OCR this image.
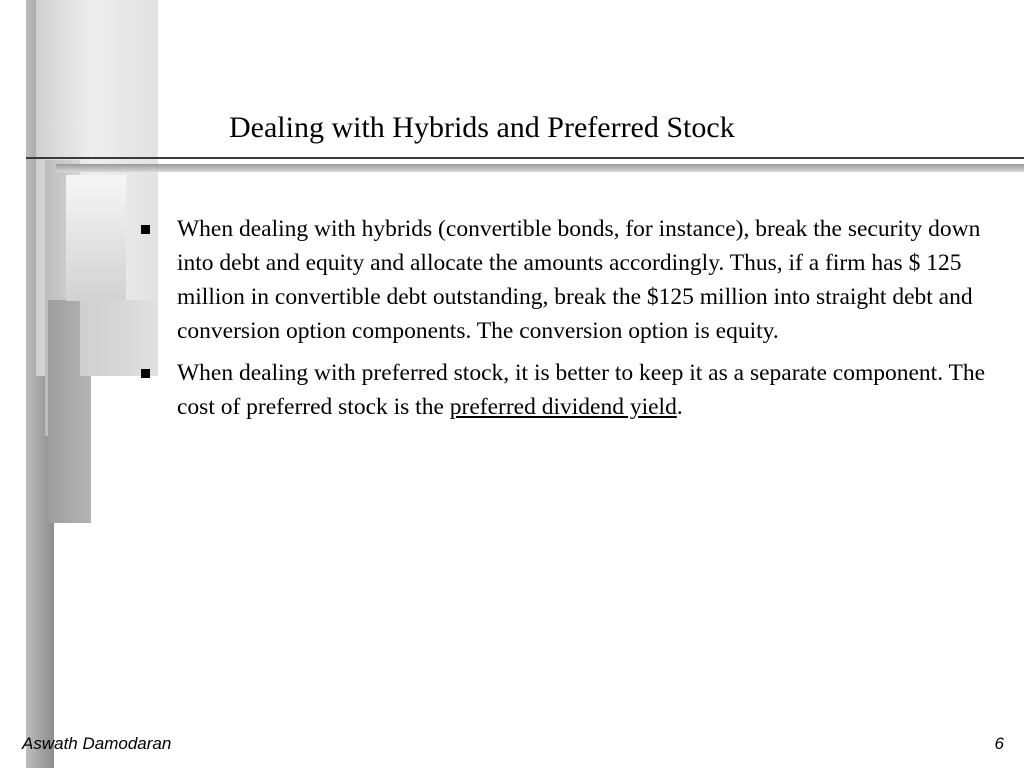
Dealing with Hybrids and Preferred Stock
When dealing with hybrids (convertible bonds, for instance), break the security down into debt and equity and allocate the amounts accordingly. Thus, if a firm has $ 125 million in convertible debt outstanding, break the $125 million into straight debt and conversion option components. The conversion option is equity.
When dealing with preferred stock, it is better to keep it as a separate component. The cost of preferred stock is the preferred dividend yield.
Aswath Damodaran	6
